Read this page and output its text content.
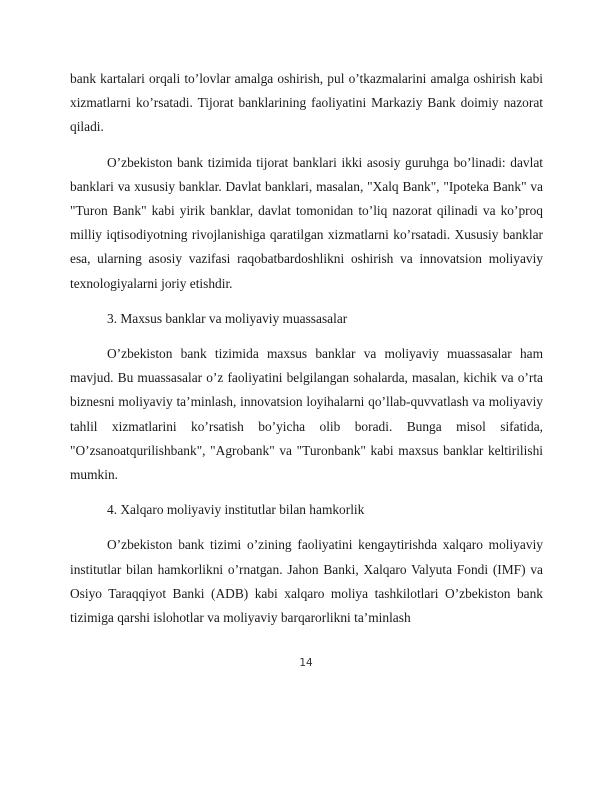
bank kartalari orqali to’lovlar amalga oshirish, pul o’tkazmalarini amalga oshirish kabi xizmatlarni ko’rsatadi. Tijorat banklarining faoliyatini Markaziy Bank doimiy nazorat qiladi.

O’zbekiston bank tizimida tijorat banklari ikki asosiy guruhga bo’linadi: davlat banklari va xususiy banklar. Davlat banklari, masalan, "Xalq Bank", "Ipoteka Bank" va "Turon Bank" kabi yirik banklar, davlat tomonidan to’liq nazorat qilinadi va ko’proq milliy iqtisodiyotning rivojlanishiga qaratilgan xizmatlarni ko’rsatadi. Xususiy banklar esa, ularning asosiy vazifasi raqobatbardoshlikni oshirish va innovatsion moliyaviy texnologiyalarni joriy etishdir.

3. Maxsus banklar va moliyaviy muassasalar

O’zbekiston bank tizimida maxsus banklar va moliyaviy muassasalar ham mavjud. Bu muassasalar o’z faoliyatini belgilangan sohalarda, masalan, kichik va o’rta biznesni moliyaviy ta’minlash, innovatsion loyihalarni qo’llab-quvvatlash va moliyaviy tahlil xizmatlarini ko’rsatish bo’yicha olib boradi. Bunga misol sifatida, "O’zsanoatqurilishbank", "Agrobank" va "Turonbank" kabi maxsus banklar keltirilishi mumkin.

4. Xalqaro moliyaviy institutlar bilan hamkorlik

O’zbekiston bank tizimi o’zining faoliyatini kengaytirishda xalqaro moliyaviy institutlar bilan hamkorlikni o’rnatgan. Jahon Banki, Xalqaro Valyuta Fondi (IMF) va Osiyo Taraqqiyot Banki (ADB) kabi xalqaro moliya tashkilotlari O’zbekiston bank tizimiga qarshi islohotlar va moliyaviy barqarorlikni ta’minlash

14
